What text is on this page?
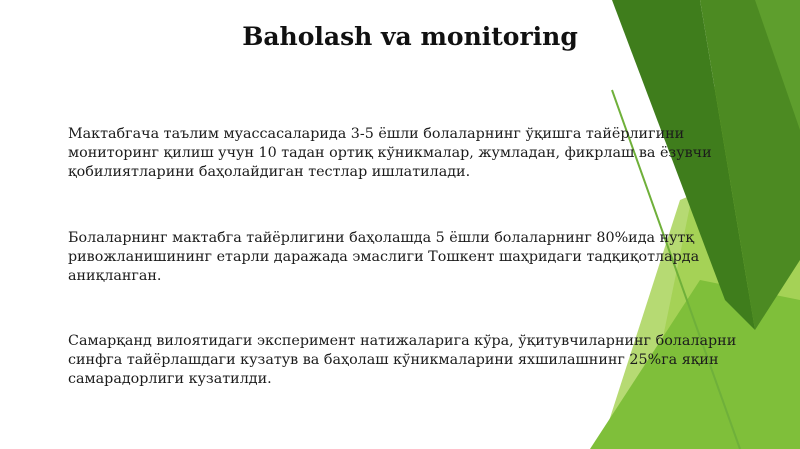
Baholash va monitoring
Мактабгача таълим муассасаларида 3-5 ёшли болаларнинг ўқишга тайёрлигини
мониторинг қилиш учун 10 тадан ортиқ кўникмалар, жумладан, фикрлаш ва ёзувчи
қобилиятларини баҳолайдиган тестлар ишлатилади.
Болаларнинг мактабга тайёрлигини баҳолашда 5 ёшли болаларнинг 80%ида нутқ
ривожланишининг етарли даражада эмаслиги Тошкент шаҳридаги тадқиқотларда
аниқланган.
Самарқанд вилоятидаги эксперимент натижаларига кўра, ўқитувчиларнинг болаларни
синфга тайёрлашдаги кузатув ва баҳолаш кўникмаларини яхшилашнинг 25%га яқин
самарадорлиги кузатилди.
